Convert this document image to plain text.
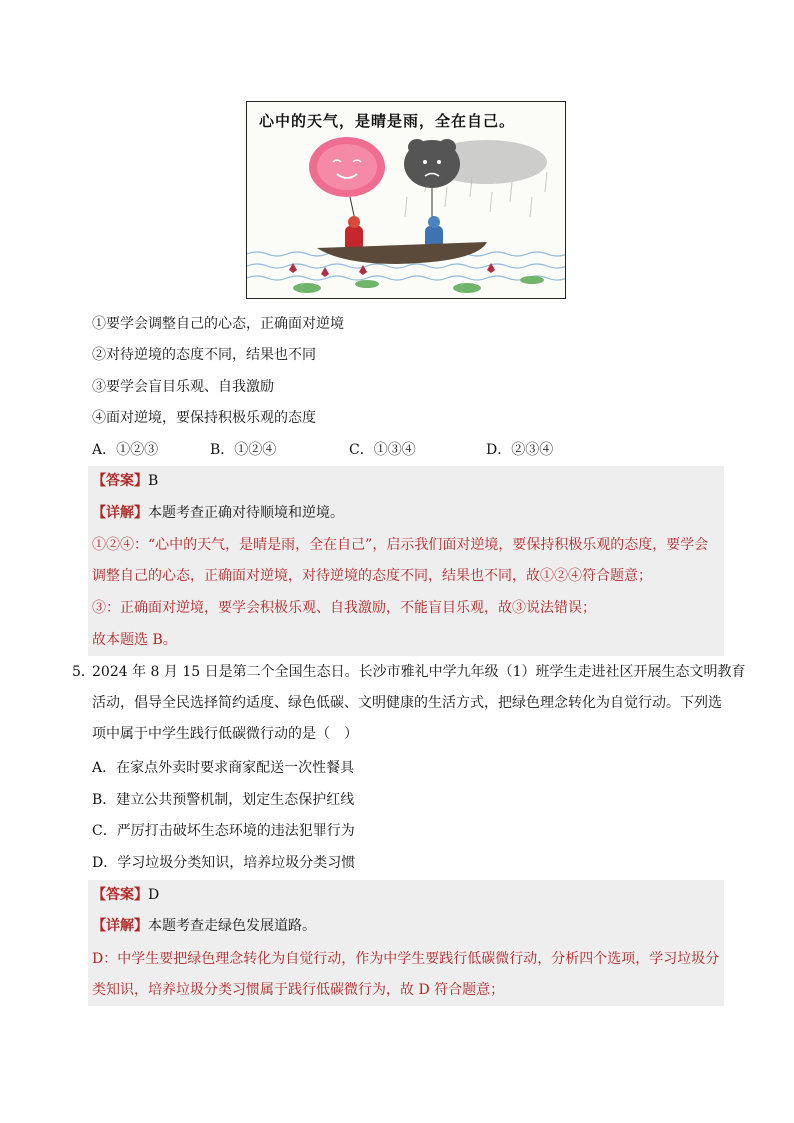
心中的天气，是晴是雨，全在自己。
①要学会调整自己的心态，正确面对逆境
②对待逆境的态度不同，结果也不同
③要学会盲目乐观、自我激励
④面对逆境，要保持积极乐观的态度
A．①②③	B．①②④	C．①③④	D．②③④
【答案】B
【详解】本题考查正确对待顺境和逆境。
①②④：“心中的天气，是晴是雨，全在自己”，启示我们面对逆境，要保持积极乐观的态度，要学会
调整自己的心态，正确面对逆境，对待逆境的态度不同，结果也不同，故①②④符合题意；
③：正确面对逆境，要学会积极乐观、自我激励，不能盲目乐观，故③说法错误；
故本题选 B。
5．
2024 年 8 月 15 日是第二个全国生态日。长沙市雅礼中学九年级（1）班学生走进社区开展生态文明教育
活动，倡导全民选择简约适度、绿色低碳、文明健康的生活方式，把绿色理念转化为自觉行动。下列选
项中属于中学生践行低碳微行动的是（　）
A．在家点外卖时要求商家配送一次性餐具
B．建立公共预警机制，划定生态保护红线
C．严厉打击破坏生态环境的违法犯罪行为
D．学习垃圾分类知识，培养垃圾分类习惯
【答案】D
【详解】本题考查走绿色发展道路。
D：中学生要把绿色理念转化为自觉行动，作为中学生要践行低碳微行动，分析四个选项，学习垃圾分
类知识，培养垃圾分类习惯属于践行低碳微行为，故 D 符合题意；
